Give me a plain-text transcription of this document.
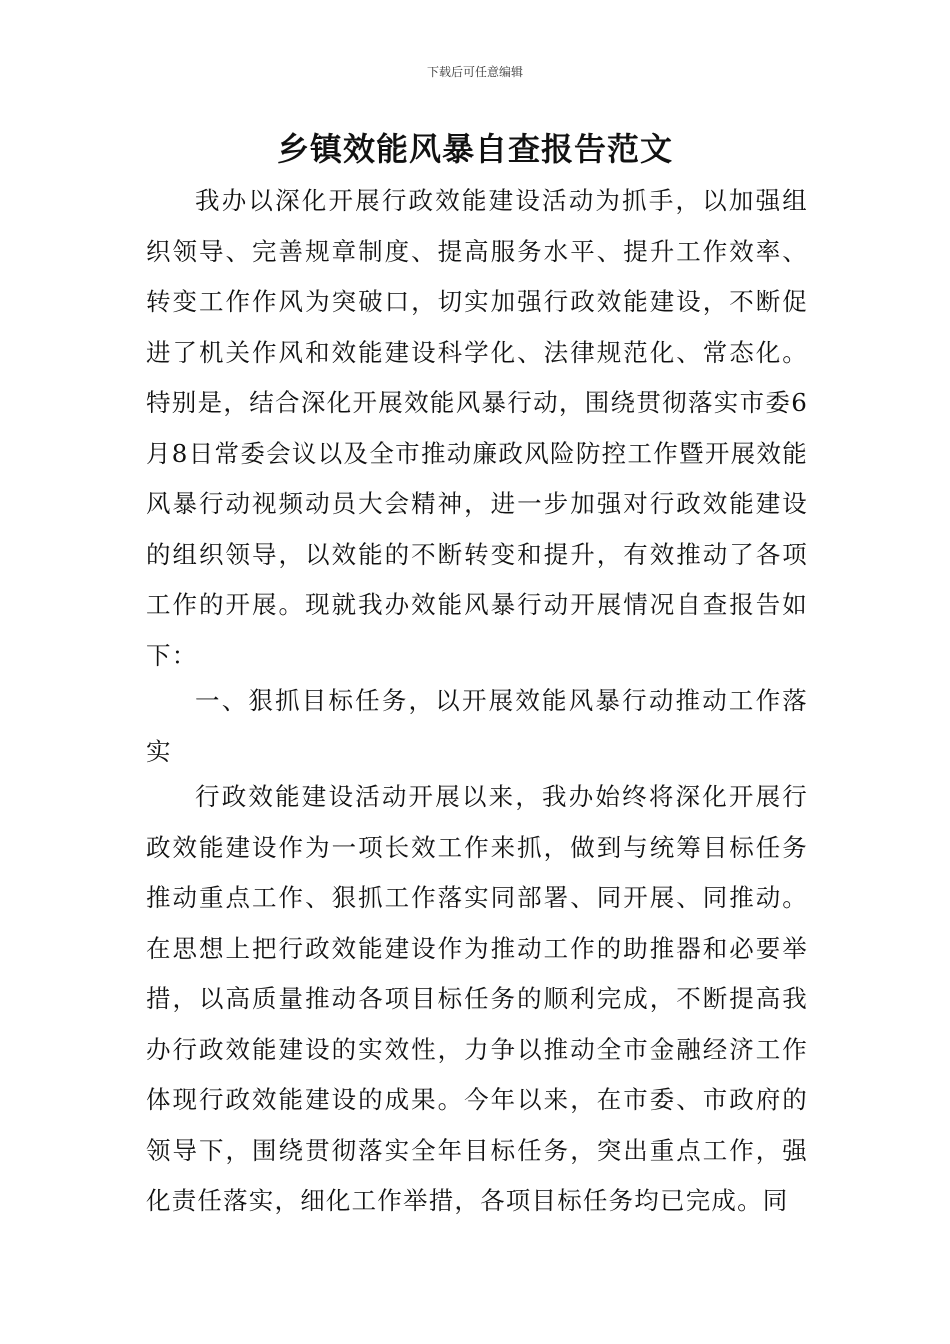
下载后可任意编辑
乡镇效能风暴自查报告范文

我办以深化开展行政效能建设活动为抓手，以加强组织领导、完善规章制度、提高服务水平、提升工作效率、转变工作作风为突破口，切实加强行政效能建设，不断促进了机关作风和效能建设科学化、法律规范化、常态化。特别是，结合深化开展效能风暴行动，围绕贯彻落实市委6月8日常委会议以及全市推动廉政风险防控工作暨开展效能风暴行动视频动员大会精神，进一步加强对行政效能建设的组织领导，以效能的不断转变和提升，有效推动了各项工作的开展。现就我办效能风暴行动开展情况自查报告如下：

一、狠抓目标任务，以开展效能风暴行动推动工作落实

行政效能建设活动开展以来，我办始终将深化开展行政效能建设作为一项长效工作来抓，做到与统筹目标任务推动重点工作、狠抓工作落实同部署、同开展、同推动。在思想上把行政效能建设作为推动工作的助推器和必要举措，以高质量推动各项目标任务的顺利完成，不断提高我办行政效能建设的实效性，力争以推动全市金融经济工作体现行政效能建设的成果。今年以来，在市委、市政府的领导下，围绕贯彻落实全年目标任务，突出重点工作，强化责任落实，细化工作举措，各项目标任务均已完成。同
